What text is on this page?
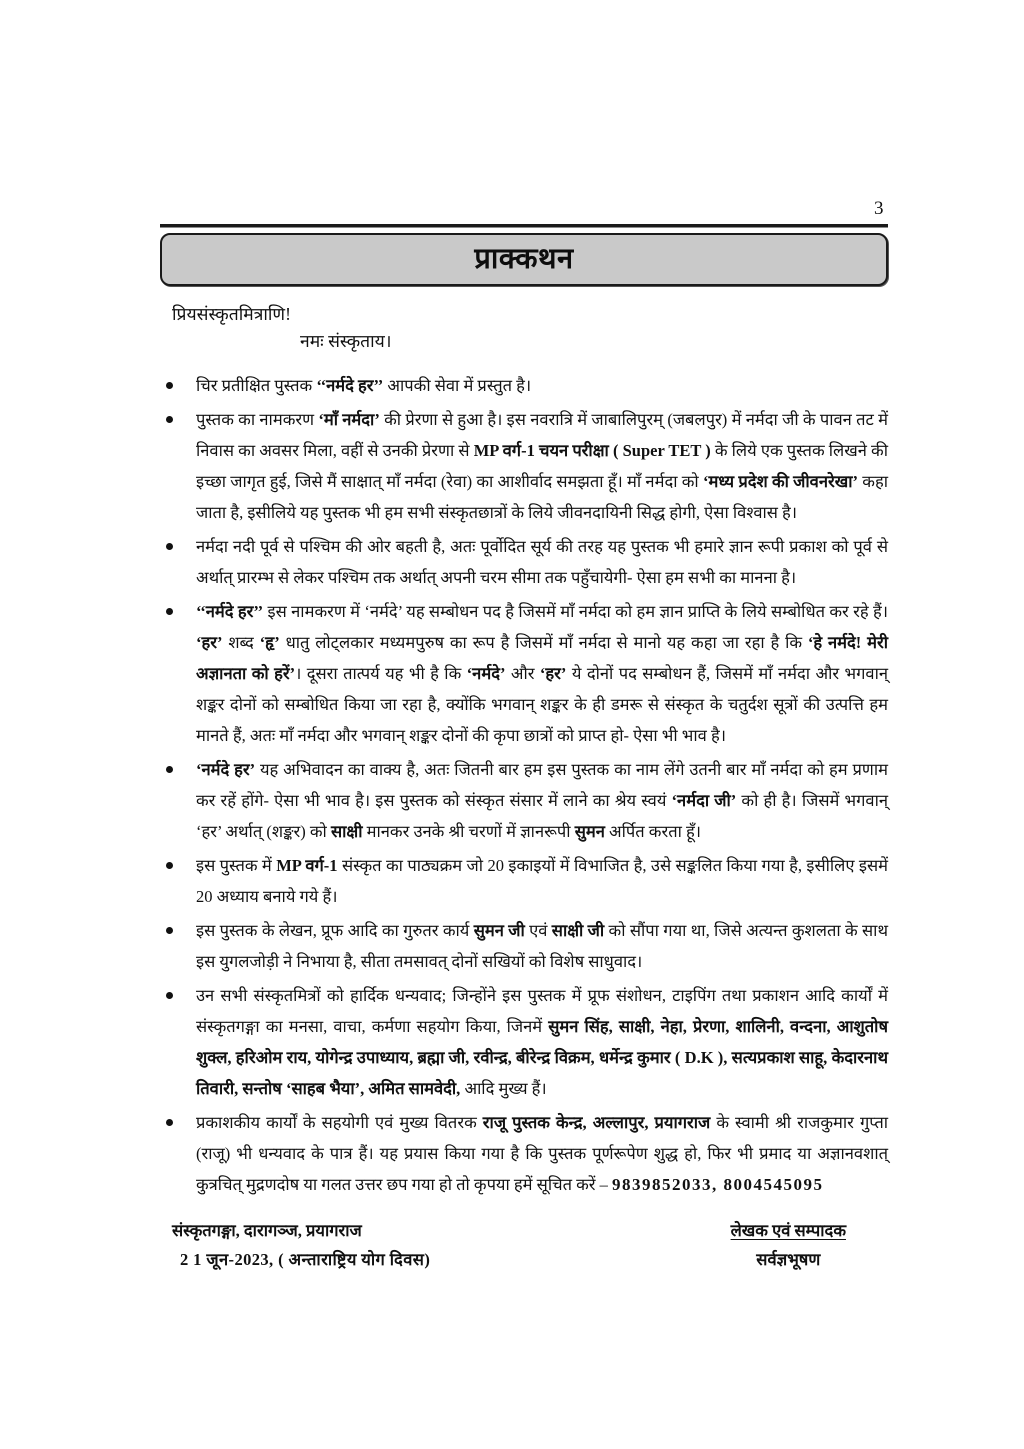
3
प्राक्कथन
प्रियसंस्कृतमित्राणि!
नमः संस्कृताय।

चिर प्रतीक्षित पुस्तक ‘‘नर्मदे हर’’ आपकी सेवा में प्रस्तुत है।

पुस्तक का नामकरण ‘माँ नर्मदा’ की प्रेरणा से हुआ है। इस नवरात्रि में जाबालिपुरम् (जबलपुर) में नर्मदा जी के पावन तट में निवास का अवसर मिला, वहीं से उनकी प्रेरणा से MP वर्ग-1 चयन परीक्षा ( Super TET ) के लिये एक पुस्तक लिखने की इच्छा जागृत हुई, जिसे मैं साक्षात् माँ नर्मदा (रेवा) का आशीर्वाद समझता हूँ। माँ नर्मदा को ‘मध्य प्रदेश की जीवनरेखा’ कहा जाता है, इसीलिये यह पुस्तक भी हम सभी संस्कृतछात्रों के लिये जीवनदायिनी सिद्ध होगी, ऐसा विश्वास है।

नर्मदा नदी पूर्व से पश्चिम की ओर बहती है, अतः पूर्वोदित सूर्य की तरह यह पुस्तक भी हमारे ज्ञान रूपी प्रकाश को पूर्व से अर्थात् प्रारम्भ से लेकर पश्चिम तक अर्थात् अपनी चरम सीमा तक पहुँचायेगी- ऐसा हम सभी का मानना है।

‘‘नर्मदे हर’’ इस नामकरण में ‘नर्मदे’ यह सम्बोधन पद है जिसमें माँ नर्मदा को हम ज्ञान प्राप्ति के लिये सम्बोधित कर रहे हैं। ‘हर’ शब्द ‘हृ’ धातु लोट्लकार मध्यमपुरुष का रूप है जिसमें माँ नर्मदा से मानो यह कहा जा रहा है कि ‘हे नर्मदे! मेरी अज्ञानता को हरें’। दूसरा तात्पर्य यह भी है कि ‘नर्मदे’ और ‘हर’ ये दोनों पद सम्बोधन हैं, जिसमें माँ नर्मदा और भगवान् शङ्कर दोनों को सम्बोधित किया जा रहा है, क्योंकि भगवान् शङ्कर के ही डमरू से संस्कृत के चतुर्दश सूत्रों की उत्पत्ति हम मानते हैं, अतः माँ नर्मदा और भगवान् शङ्कर दोनों की कृपा छात्रों को प्राप्त हो- ऐसा भी भाव है।

‘नर्मदे हर’ यह अभिवादन का वाक्य है, अतः जितनी बार हम इस पुस्तक का नाम लेंगे उतनी बार माँ नर्मदा को हम प्रणाम कर रहें होंगे- ऐसा भी भाव है। इस पुस्तक को संस्कृत संसार में लाने का श्रेय स्वयं ‘नर्मदा जी’ को ही है। जिसमें भगवान् ‘हर’ अर्थात् (शङ्कर) को साक्षी मानकर उनके श्री चरणों में ज्ञानरूपी सुमन अर्पित करता हूँ।

इस पुस्तक में MP वर्ग-1 संस्कृत का पाठ्यक्रम जो 20 इकाइयों में विभाजित है, उसे सङ्कलित किया गया है, इसीलिए इसमें 20 अध्याय बनाये गये हैं।

इस पुस्तक के लेखन, प्रूफ आदि का गुरुतर कार्य सुमन जी एवं साक्षी जी को सौंपा गया था, जिसे अत्यन्त कुशलता के साथ इस युगलजोड़ी ने निभाया है, सीता तमसावत् दोनों सखियों को विशेष साधुवाद।

उन सभी संस्कृतमित्रों को हार्दिक धन्यवाद; जिन्होंने इस पुस्तक में प्रूफ संशोधन, टाइपिंग तथा प्रकाशन आदि कार्यों में संस्कृतगङ्गा का मनसा, वाचा, कर्मणा सहयोग किया, जिनमें सुमन सिंह, साक्षी, नेहा, प्रेरणा, शालिनी, वन्दना, आशुतोष शुक्ल, हरिओम राय, योगेन्द्र उपाध्याय, ब्रह्मा जी, रवीन्द्र, बीरेन्द्र विक्रम, धर्मेन्द्र कुमार ( D.K ), सत्यप्रकाश साहू, केदारनाथ तिवारी, सन्तोष ‘साहब भैया’, अमित सामवेदी, आदि मुख्य हैं।

प्रकाशकीय कार्यों के सहयोगी एवं मुख्य वितरक राजू पुस्तक केन्द्र, अल्लापुर, प्रयागराज के स्वामी श्री राजकुमार गुप्ता (राजू) भी धन्यवाद के पात्र हैं। यह प्रयास किया गया है कि पुस्तक पूर्णरूपेण शुद्ध हो, फिर भी प्रमाद या अज्ञानवशात् कुत्रचित् मुद्रणदोष या गलत उत्तर छप गया हो तो कृपया हमें सूचित करें – 9839852033, 8004545095

संस्कृतगङ्गा, दारागञ्ज, प्रयागराज
2 1 जून-2023, ( अन्ताराष्ट्रिय योग दिवस)
लेखक एवं सम्पादक
सर्वज्ञभूषण
